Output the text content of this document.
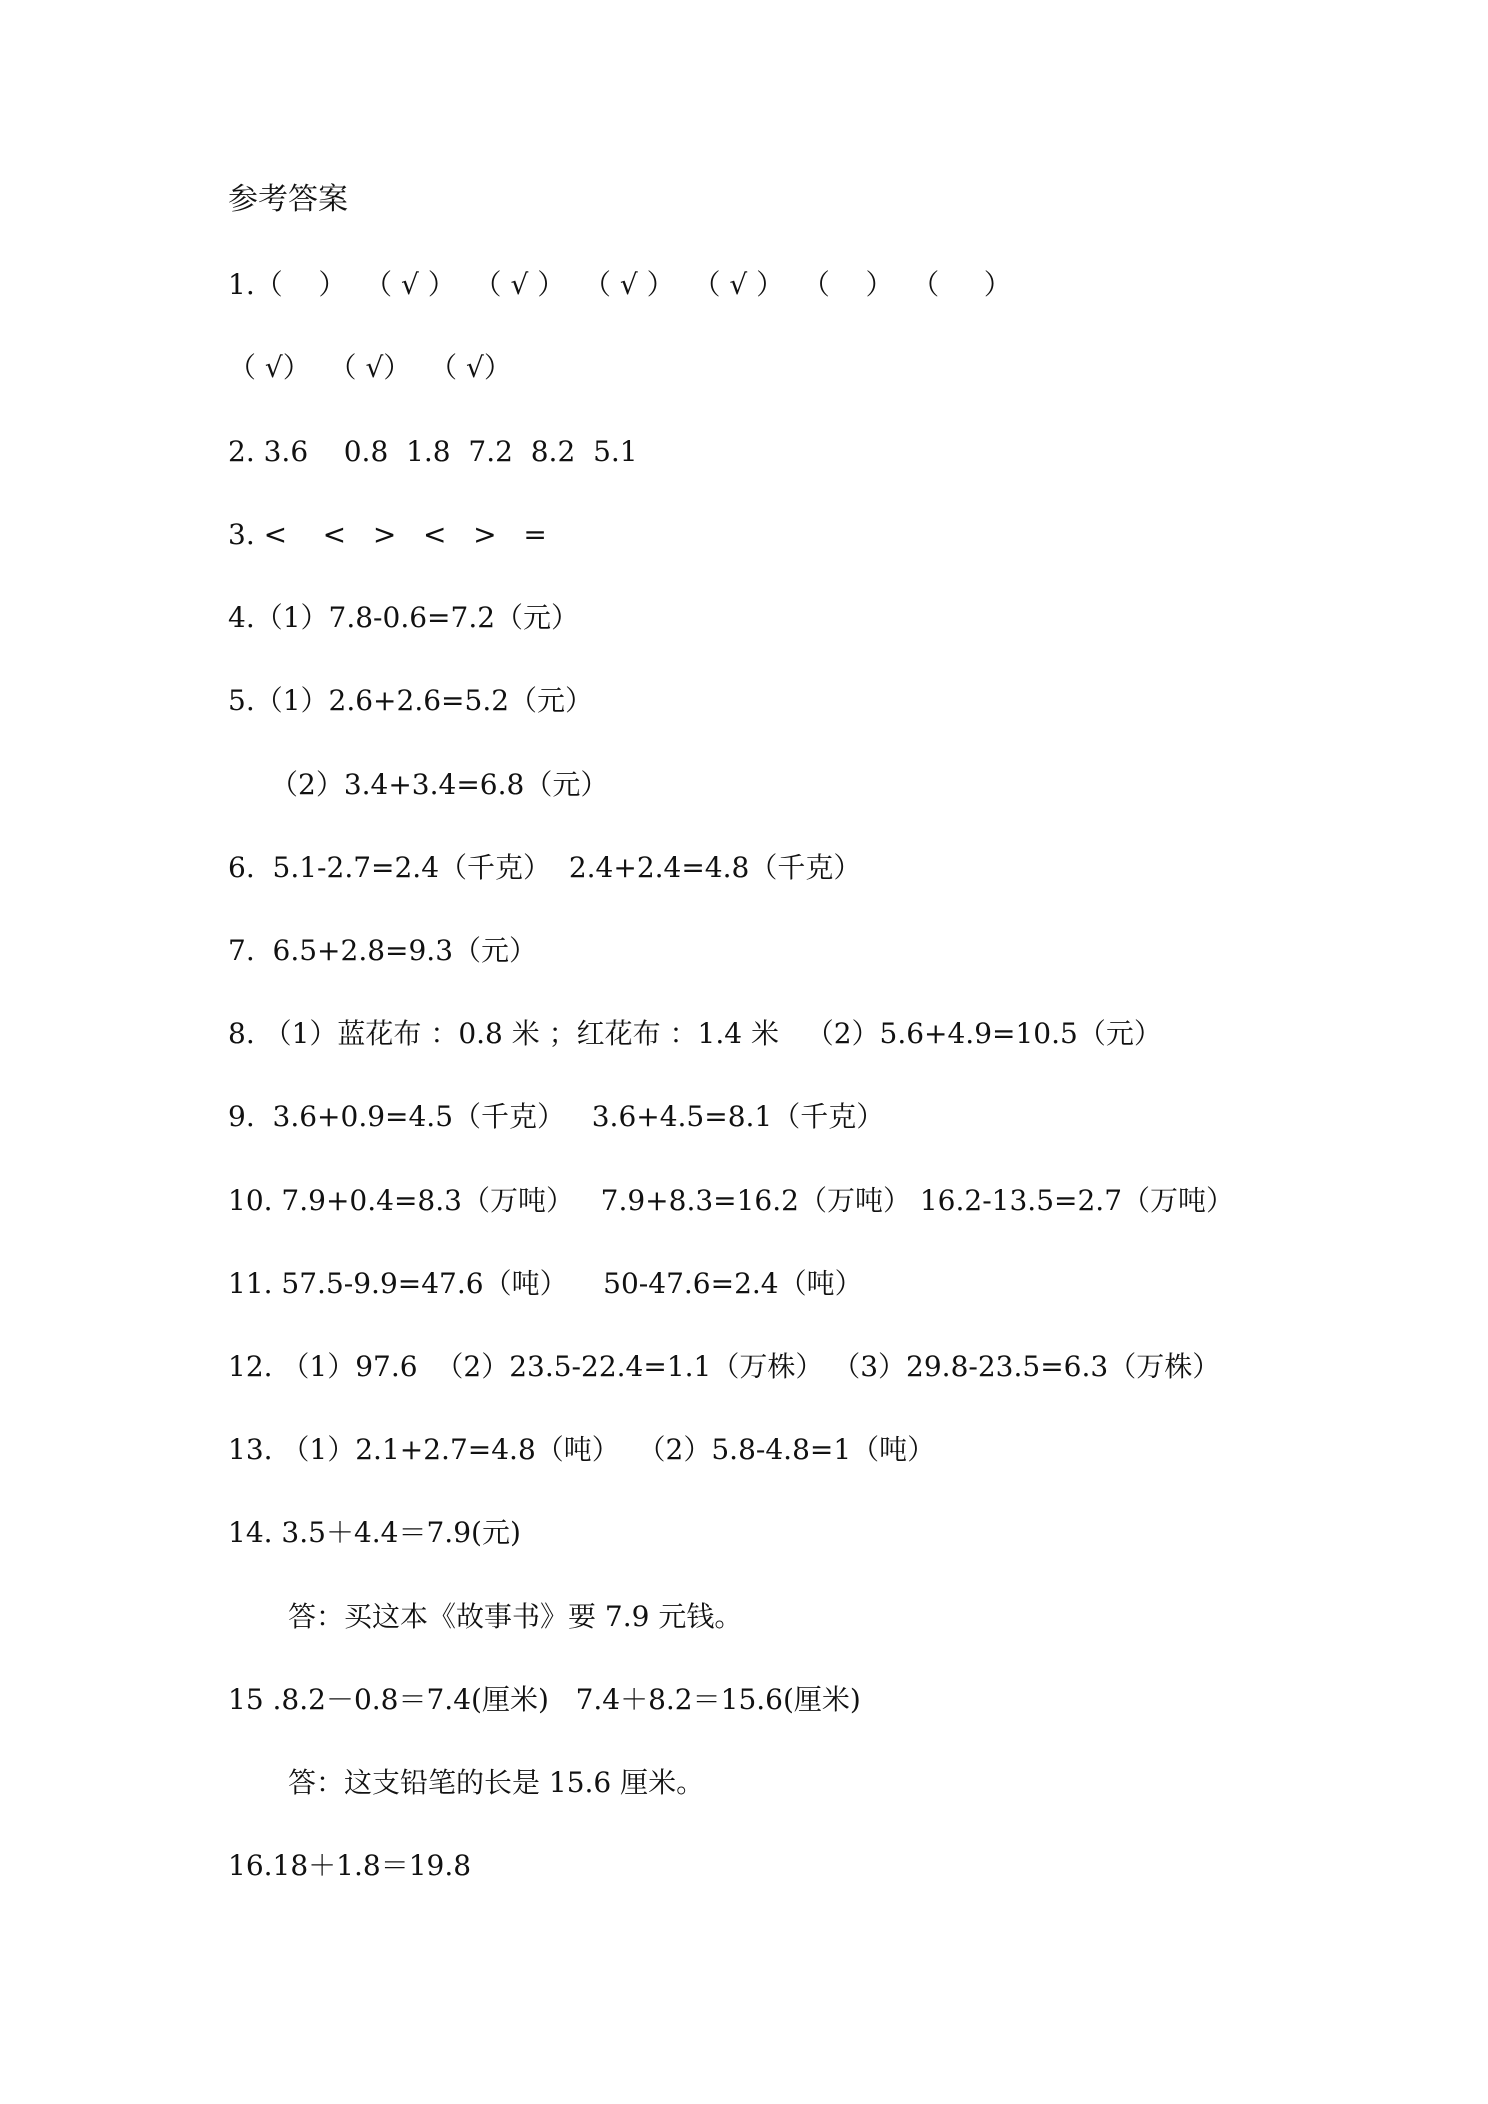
参考答案
1.（    ）  （ √ ）  （ √ ）  （ √ ）  （ √ ）  （    ）  （     ）
（ √）  （ √）  （ √）
2. 3.6    0.8  1.8  7.2  8.2  5.1
3. <    <   >   <   >   =
4.（1）7.8-0.6=7.2（元）
5.（1）2.6+2.6=5.2（元）
（2）3.4+3.4=6.8（元）
6.  5.1-2.7=2.4（千克）  2.4+2.4=4.8（千克）
7.  6.5+2.8=9.3（元）
8. （1）蓝花布 ：0.8 米 ；红花布 ：1.4 米   （2）5.6+4.9=10.5（元）
9.  3.6+0.9=4.5（千克）   3.6+4.5=8.1（千克）
10. 7.9+0.4=8.3（万吨）   7.9+8.3=16.2（万吨） 16.2-13.5=2.7（万吨）
11. 57.5-9.9=47.6（吨）    50-47.6=2.4（吨）
12. （1）97.6  （2）23.5-22.4=1.1（万株） （3）29.8-23.5=6.3（万株）
13. （1）2.1+2.7=4.8（吨）  （2）5.8-4.8=1（吨）
14. 3.5＋4.4＝7.9(元)
答：买这本《故事书》要 7.9 元钱。
15 .8.2－0.8＝7.4(厘米)   7.4＋8.2＝15.6(厘米)
答：这支铅笔的长是 15.6 厘米。
16.18＋1.8＝19.8
